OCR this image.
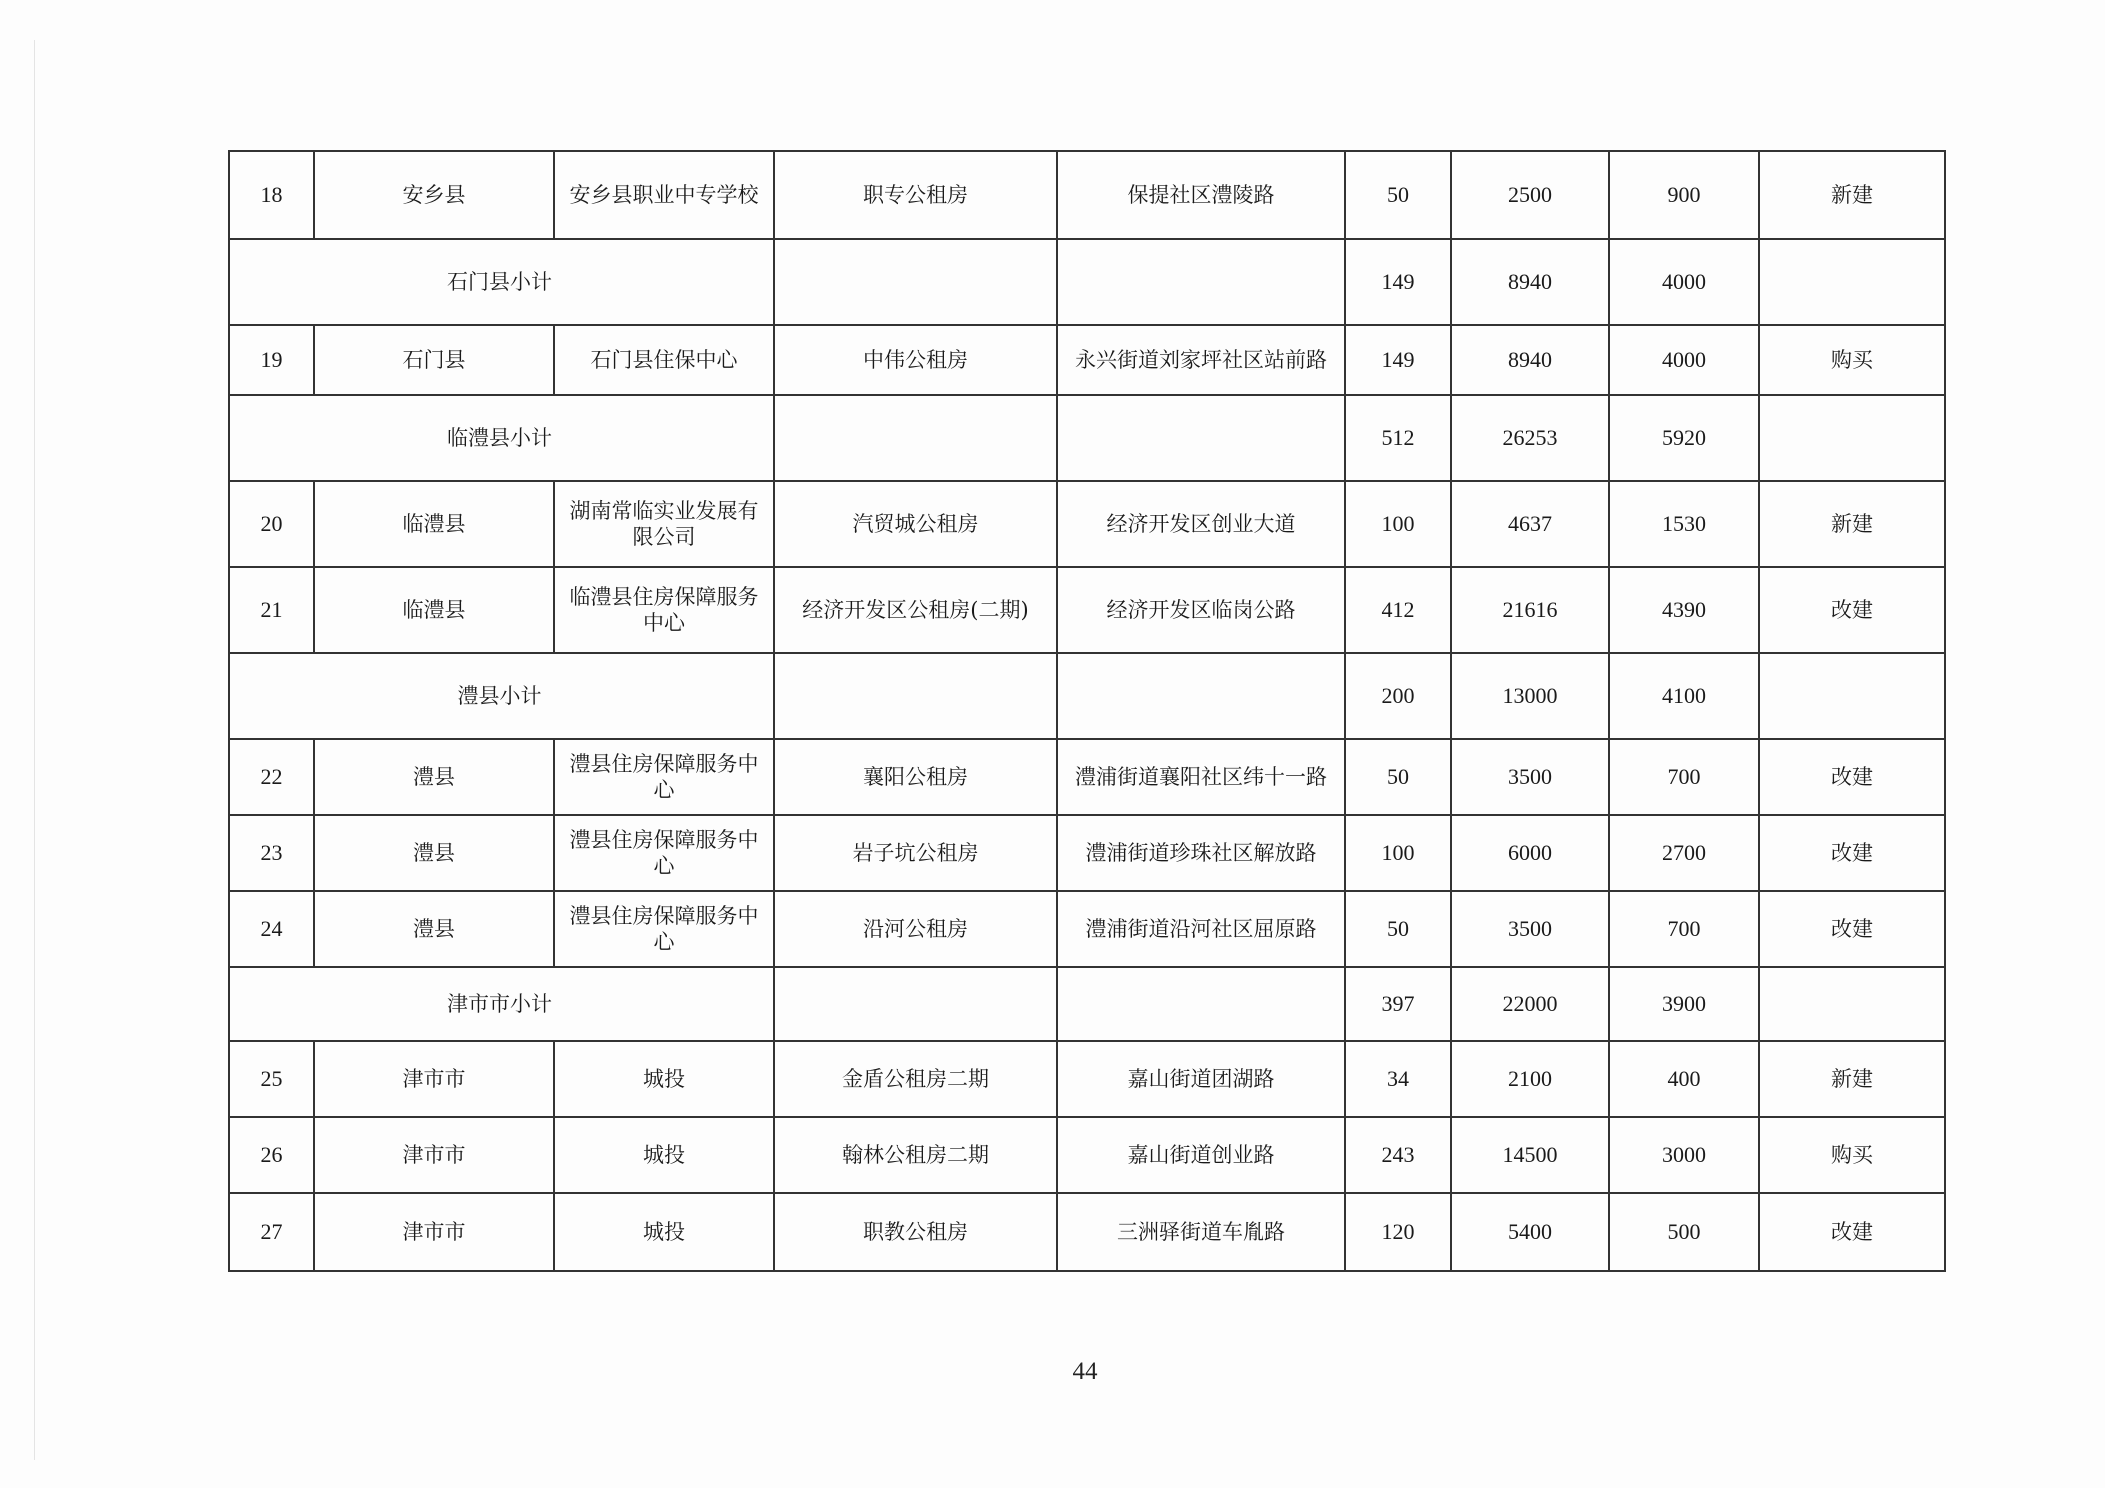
18	安乡县	安乡县职业中专学校	职专公租房	保提社区澧陵路	50	2500	900	新建
石门县小计					149	8940	4000	
19	石门县	石门县住保中心	中伟公租房	永兴街道刘家坪社区站前路	149	8940	4000	购买
临澧县小计					512	26253	5920	
20	临澧县	湖南常临实业发展有限公司	汽贸城公租房	经济开发区创业大道	100	4637	1530	新建
21	临澧县	临澧县住房保障服务中心	经济开发区公租房(二期)	经济开发区临岗公路	412	21616	4390	改建
澧县小计					200	13000	4100	
22	澧县	澧县住房保障服务中心	襄阳公租房	澧浦街道襄阳社区纬十一路	50	3500	700	改建
23	澧县	澧县住房保障服务中心	岩子坑公租房	澧浦街道珍珠社区解放路	100	6000	2700	改建
24	澧县	澧县住房保障服务中心	沿河公租房	澧浦街道沿河社区屈原路	50	3500	700	改建
津市市小计					397	22000	3900	
25	津市市	城投	金盾公租房二期	嘉山街道团湖路	34	2100	400	新建
26	津市市	城投	翰林公租房二期	嘉山街道创业路	243	14500	3000	购买
27	津市市	城投	职教公租房	三洲驿街道车胤路	120	5400	500	改建
44
